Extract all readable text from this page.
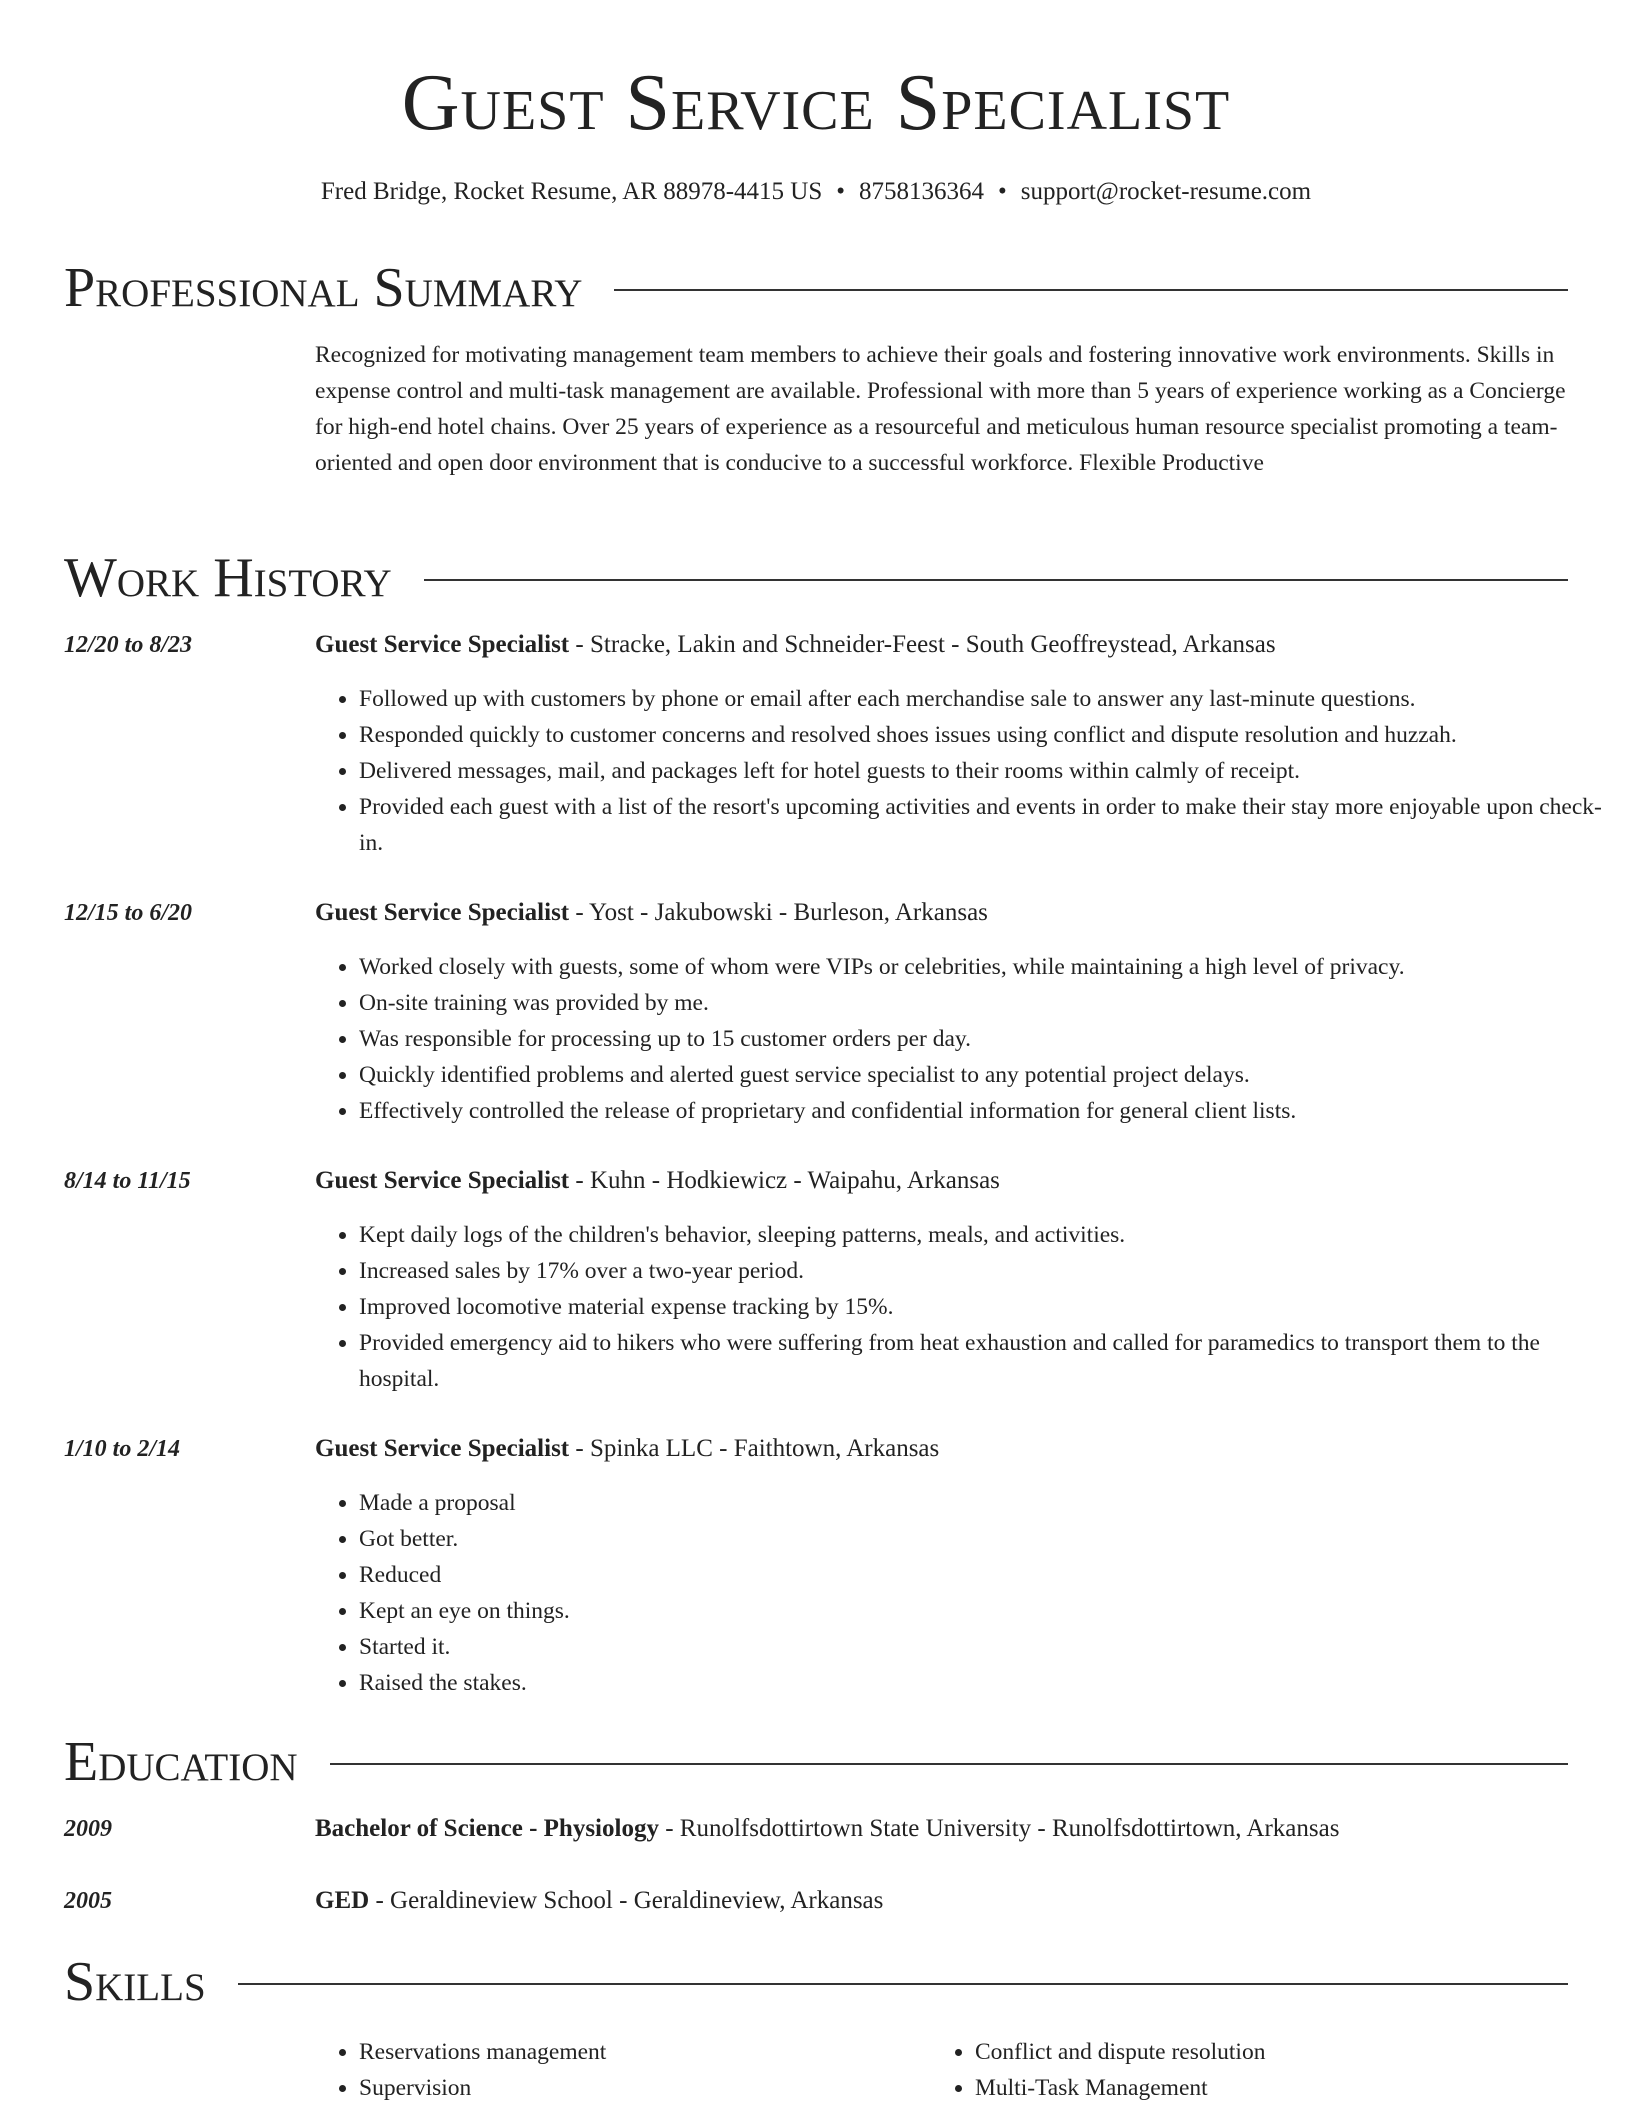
Guest Service Specialist
Fred Bridge, Rocket Resume, AR 88978-4415 US • 8758136364 • support@rocket-resume.com
Professional Summary
Recognized for motivating management team members to achieve their goals and fostering innovative work environments. Skills in expense control and multi-task management are available. Professional with more than 5 years of experience working as a Concierge for high-end hotel chains. Over 25 years of experience as a resourceful and meticulous human resource specialist promoting a team-oriented and open door environment that is conducive to a successful workforce. Flexible Productive
Work History
12/20 to 8/23	Guest Service Specialist - Stracke, Lakin and Schneider-Feest - South Geoffreystead, Arkansas
• Followed up with customers by phone or email after each merchandise sale to answer any last-minute questions.
• Responded quickly to customer concerns and resolved shoes issues using conflict and dispute resolution and huzzah.
• Delivered messages, mail, and packages left for hotel guests to their rooms within calmly of receipt.
• Provided each guest with a list of the resort's upcoming activities and events in order to make their stay more enjoyable upon check-in.
12/15 to 6/20	Guest Service Specialist - Yost - Jakubowski - Burleson, Arkansas
• Worked closely with guests, some of whom were VIPs or celebrities, while maintaining a high level of privacy.
• On-site training was provided by me.
• Was responsible for processing up to 15 customer orders per day.
• Quickly identified problems and alerted guest service specialist to any potential project delays.
• Effectively controlled the release of proprietary and confidential information for general client lists.
8/14 to 11/15	Guest Service Specialist - Kuhn - Hodkiewicz - Waipahu, Arkansas
• Kept daily logs of the children's behavior, sleeping patterns, meals, and activities.
• Increased sales by 17% over a two-year period.
• Improved locomotive material expense tracking by 15%.
• Provided emergency aid to hikers who were suffering from heat exhaustion and called for paramedics to transport them to the hospital.
1/10 to 2/14	Guest Service Specialist - Spinka LLC - Faithtown, Arkansas
• Made a proposal
• Got better.
• Reduced
• Kept an eye on things.
• Started it.
• Raised the stakes.
Education
2009	Bachelor of Science - Physiology - Runolfsdottirtown State University - Runolfsdottirtown, Arkansas
2005	GED - Geraldineview School - Geraldineview, Arkansas
Skills
• Reservations management
• Supervision
• Conflict and dispute resolution
• Multi-Task Management
